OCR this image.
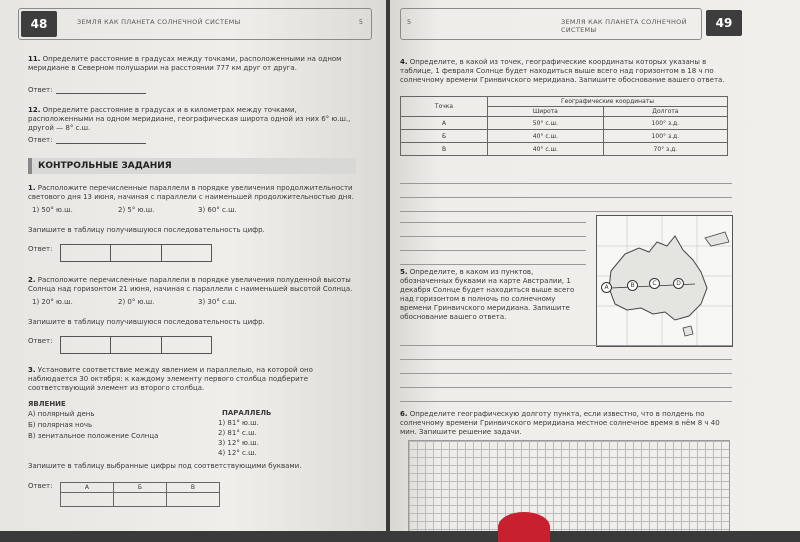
48	ЗЕМЛЯ КАК ПЛАНЕТА СОЛНЕЧНОЙ СИСТЕМЫ	5
11. Определите расстояние в градусах между точками, расположенными на одном меридиане в Северном полушарии на расстоянии 777 км друг от друга.
Ответ:
12. Определите расстояние в градусах и в километрах между точками, расположенными на одном меридиане, географическая широта одной из них 6° ю.ш., другой — 8° с.ш.
Ответ:
КОНТРОЛЬНЫЕ ЗАДАНИЯ
1. Расположите перечисленные параллели в порядке увеличения продолжительности светового дня 13 июня, начиная с параллели с наименьшей продолжительностью дня.
1) 50° ю.ш.	2) 5° ю.ш.	3) 60° с.ш.
Запишите в таблицу получившуюся последовательность цифр.
Ответ:
2. Расположите перечисленные параллели в порядке увеличения полуденной высоты Солнца над горизонтом 21 июня, начиная с параллели с наименьшей высотой Солнца.
1) 20° ю.ш.	2) 0° ю.ш.	3) 30° с.ш.
Запишите в таблицу получившуюся последовательность цифр.
Ответ:
3. Установите соответствие между явлением и параллелью, на которой оно наблюдается 30 октября: к каждому элементу первого столбца подберите соответствующий элемент из второго столбца.
ЯВЛЕНИЕ
А) полярный день
Б) полярная ночь
В) зенитальное положение Солнца
ПАРАЛЛЕЛЬ
1) 81° ю.ш.
2) 81° с.ш.
3) 12° ю.ш.
4) 12° с.ш.
Запишите в таблицу выбранные цифры под соответствующими буквами.
Ответ:	А	Б	В

5	ЗЕМЛЯ КАК ПЛАНЕТА СОЛНЕЧНОЙ СИСТЕМЫ	49
4. Определите, в какой из точек, географические координаты которых указаны в таблице, 1 февраля Солнце будет находиться выше всего над горизонтом в 18 ч по солнечному времени Гринвичского меридиана. Запишите обоснование вашего ответа.
Точка	Географические координаты	
	Широта	Долгота
А	50° с.ш.	100° з.д.
Б	40° с.ш.	100° з.д.
В	40° с.ш.	70° з.д.
A	B	C	D
5. Определите, в каком из пунктов, обозначенных буквами на карте Австралии, 1 декабря Солнце будет находиться выше всего над горизонтом в полночь по солнечному времени Гринвичского меридиана. Запишите обоснование вашего ответа.
6. Определите географическую долготу пункта, если известно, что в полдень по солнечному времени Гринвичского меридиана местное солнечное время в нём 8 ч 40 мин. Запишите решение задачи.
